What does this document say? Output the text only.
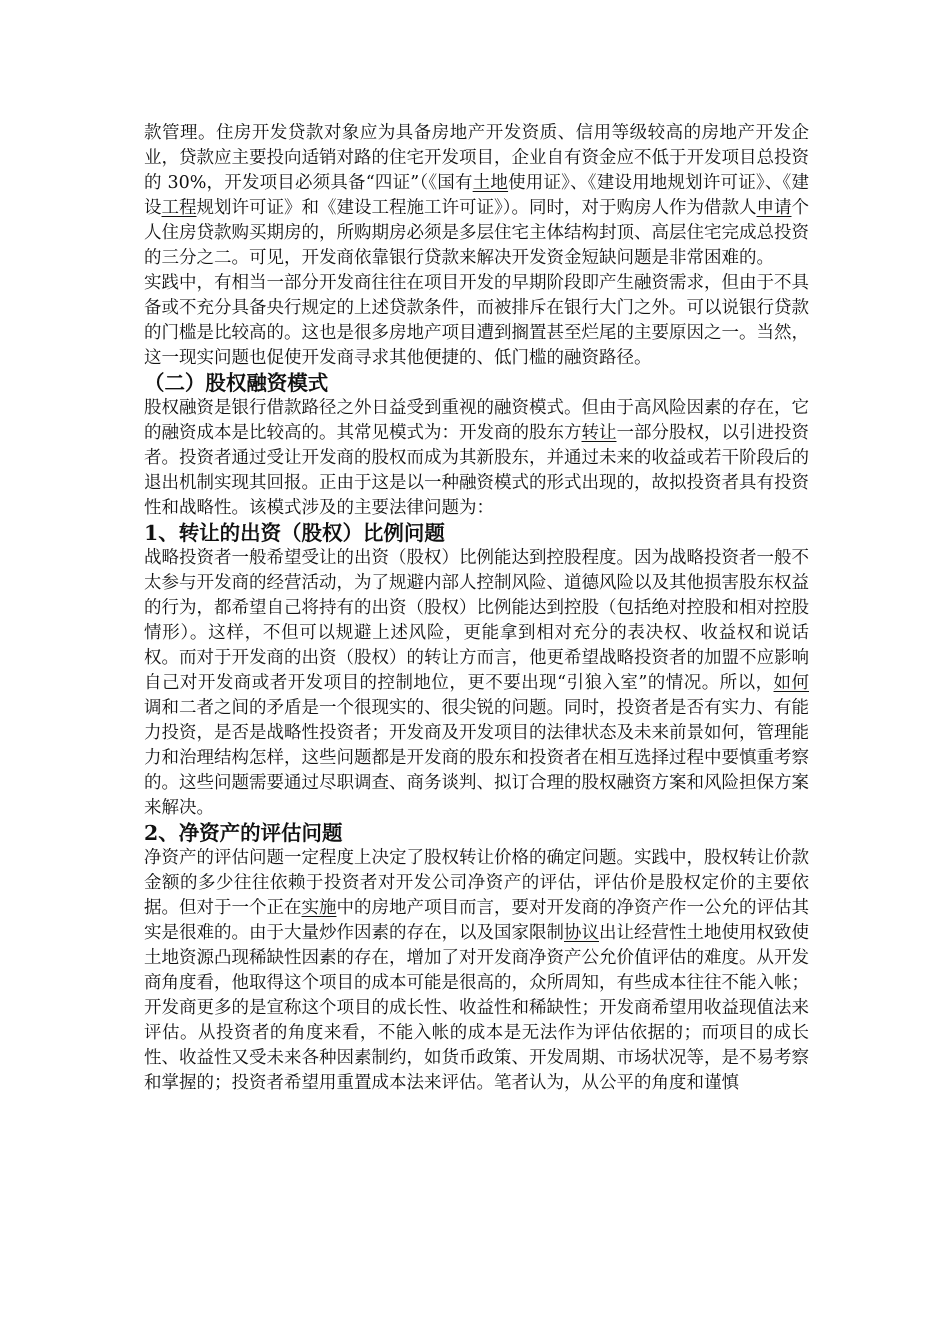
款管理。住房开发贷款对象应为具备房地产开发资质、信用等级较高的房地产开发企业，贷款应主要投向适销对路的住宅开发项目，企业自有资金应不低于开发项目总投资的 30%，开发项目必须具备“四证”（《国有土地使用证》、《建设用地规划许可证》、《建设工程规划许可证》和《建设工程施工许可证》）。同时，对于购房人作为借款人申请个人住房贷款购买期房的，所购期房必须是多层住宅主体结构封顶、高层住宅完成总投资的三分之二。可见，开发商依靠银行贷款来解决开发资金短缺问题是非常困难的。

实践中，有相当一部分开发商往往在项目开发的早期阶段即产生融资需求，但由于不具备或不充分具备央行规定的上述贷款条件，而被排斥在银行大门之外。可以说银行贷款的门槛是比较高的。这也是很多房地产项目遭到搁置甚至烂尾的主要原因之一。当然，这一现实问题也促使开发商寻求其他便捷的、低门槛的融资路径。

（二）股权融资模式

股权融资是银行借款路径之外日益受到重视的融资模式。但由于高风险因素的存在，它的融资成本是比较高的。其常见模式为：开发商的股东方转让一部分股权，以引进投资者。投资者通过受让开发商的股权而成为其新股东，并通过未来的收益或若干阶段后的退出机制实现其回报。正由于这是以一种融资模式的形式出现的，故拟投资者具有投资性和战略性。该模式涉及的主要法律问题为：

1、转让的出资（股权）比例问题

战略投资者一般希望受让的出资（股权）比例能达到控股程度。因为战略投资者一般不太参与开发商的经营活动，为了规避内部人控制风险、道德风险以及其他损害股东权益的行为，都希望自己将持有的出资（股权）比例能达到控股（包括绝对控股和相对控股情形）。这样，不但可以规避上述风险，更能拿到相对充分的表决权、收益权和说话权。而对于开发商的出资（股权）的转让方而言，他更希望战略投资者的加盟不应影响自己对开发商或者开发项目的控制地位，更不要出现“引狼入室”的情况。所以，如何调和二者之间的矛盾是一个很现实的、很尖锐的问题。同时，投资者是否有实力、有能力投资，是否是战略性投资者；开发商及开发项目的法律状态及未来前景如何，管理能力和治理结构怎样，这些问题都是开发商的股东和投资者在相互选择过程中要慎重考察的。这些问题需要通过尽职调查、商务谈判、拟订合理的股权融资方案和风险担保方案来解决。

2、净资产的评估问题

净资产的评估问题一定程度上决定了股权转让价格的确定问题。实践中，股权转让价款金额的多少往往依赖于投资者对开发公司净资产的评估，评估价是股权定价的主要依据。但对于一个正在实施中的房地产项目而言，要对开发商的净资产作一公允的评估其实是很难的。由于大量炒作因素的存在，以及国家限制协议出让经营性土地使用权致使土地资源凸现稀缺性因素的存在，增加了对开发商净资产公允价值评估的难度。从开发商角度看，他取得这个项目的成本可能是很高的，众所周知，有些成本往往不能入帐；开发商更多的是宣称这个项目的成长性、收益性和稀缺性；开发商希望用收益现值法来评估。从投资者的角度来看，不能入帐的成本是无法作为评估依据的；而项目的成长性、收益性又受未来各种因素制约，如货币政策、开发周期、市场状况等，是不易考察和掌握的；投资者希望用重置成本法来评估。笔者认为，从公平的角度和谨慎
